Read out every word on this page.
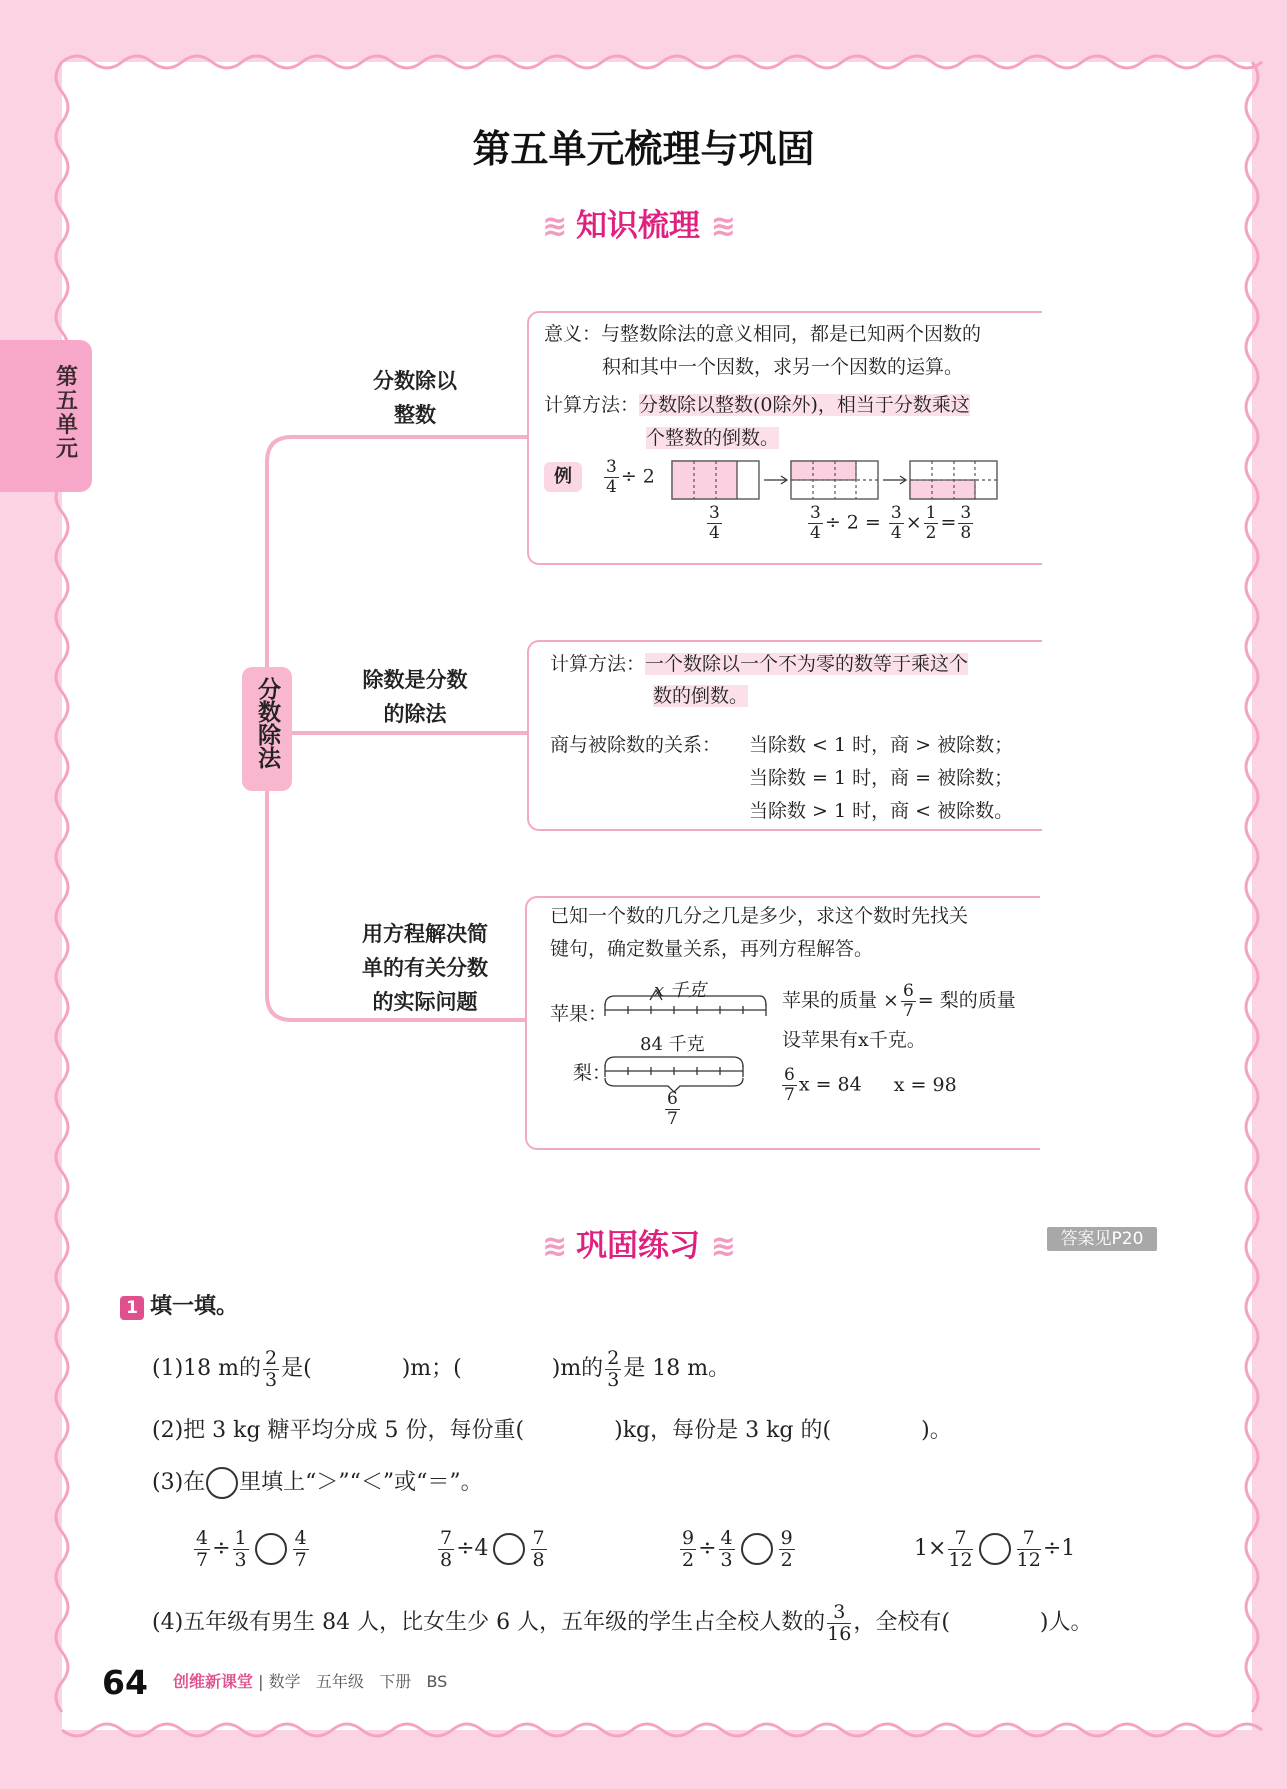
第五单元梳理与巩固
第五单元
≋ 知识梳理 ≋
分数除法
分数除以
整数
除数是分数
的除法
用方程解决简
单的有关分数
的实际问题
意义：与整数除法的意义相同，都是已知两个因数的
积和其中一个因数，求另一个因数的运算。
计算方法：分数除以整数(0除外)，相当于分数乘这
个整数的倒数。
例	$\frac{3}{4} \div 2$
$\frac{3}{4}$	$\frac{3}{4} \div 2 = \frac{3}{4} \times \frac{1}{2} = \frac{3}{8}$
计算方法：一个数除以一个不为零的数等于乘这个
数的倒数。
商与被除数的关系： 当除数 < 1 时，商 > 被除数；
当除数 = 1 时，商 = 被除数；
当除数 > 1 时，商 < 被除数。
已知一个数的几分之几是多少，求这个数时先找关
键句，确定数量关系，再列方程解答。
x 千克
苹果：
84 千克
梨：
$\frac{6}{7}$
苹果的质量 × $\frac{6}{7}$ = 梨的质量
设苹果有x千克。
$\frac{6}{7}$ x = 84 x = 98
≋ 巩固练习 ≋	答案见P20
1 填一填。
(1)18 m的 $\frac{2}{3}$ 是(	)m；(	)m的 $\frac{2}{3}$ 是 18 m。
(2)把 3 kg 糖平均分成 5 份，每份重(	)kg，每份是 3 kg 的(	)。
(3)在 里填上“＞”“＜”或“＝”。
$\frac{4}{7} \div \frac{1}{3} \frac{4}{7}$	$\frac{7}{8} \div 4 \frac{7}{8}$	$\frac{9}{2} \div \frac{4}{3} \frac{9}{2}$	$1\times \frac{7}{12} \frac{7}{12} \div 1$
(4)五年级有男生 84 人，比女生少 6 人，五年级的学生占全校人数的 $\frac{3}{16}$ ，全校有(	)人。
64 创维新课堂 | 数学 五年级 下册 BS
